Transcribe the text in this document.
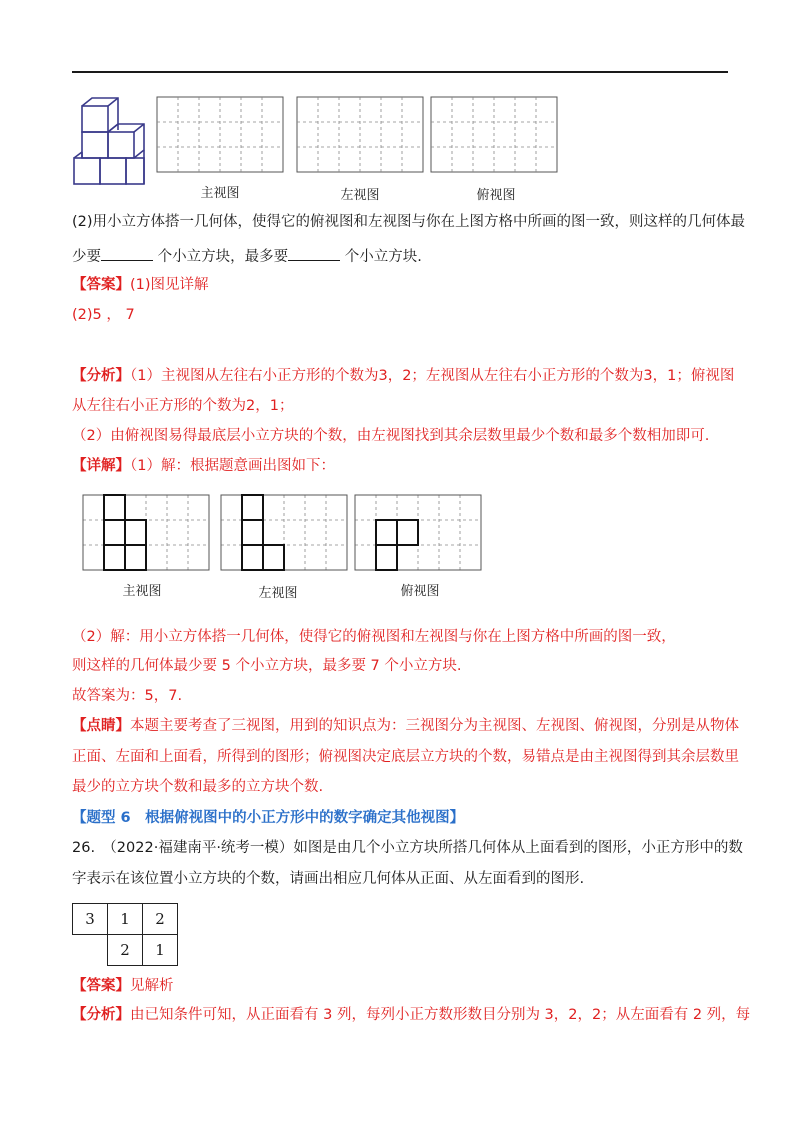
主视图	左视图	俯视图
(2)用小立方体搭一几何体，使得它的俯视图和左视图与你在上图方格中所画的图一致，则这样的几何体最
少要	个小立方块，最多要	个小立方块.
【答案】(1)图见详解
(2)5 ， 7
【分析】（1）主视图从左往右小正方形的个数为3，2；左视图从左往右小正方形的个数为3，1；俯视图
从左往右小正方形的个数为2，1；
（2）由俯视图易得最底层小立方块的个数，由左视图找到其余层数里最少个数和最多个数相加即可.
【详解】（1）解：根据题意画出图如下：
主视图	左视图	俯视图
（2）解：用小立方体搭一几何体，使得它的俯视图和左视图与你在上图方格中所画的图一致，
则这样的几何体最少要 5 个小立方块，最多要 7 个小立方块.
故答案为：5，7.
【点睛】本题主要考查了三视图，用到的知识点为：三视图分为主视图、左视图、俯视图，分别是从物体
正面、左面和上面看，所得到的图形；俯视图决定底层立方块的个数，易错点是由主视图得到其余层数里
最少的立方块个数和最多的立方块个数.
【题型 6　根据俯视图中的小正方形中的数字确定其他视图】
26.　（2022·福建南平·统考一模）如图是由几个小立方块所搭几何体从上面看到的图形，小正方形中的数
字表示在该位置小立方块的个数，请画出相应几何体从正面、从左面看到的图形.
3	1	2
	2	1
【答案】见解析
【分析】由已知条件可知，从正面看有 3 列，每列小正方数形数目分别为 3，2，2；从左面看有 2 列，每
